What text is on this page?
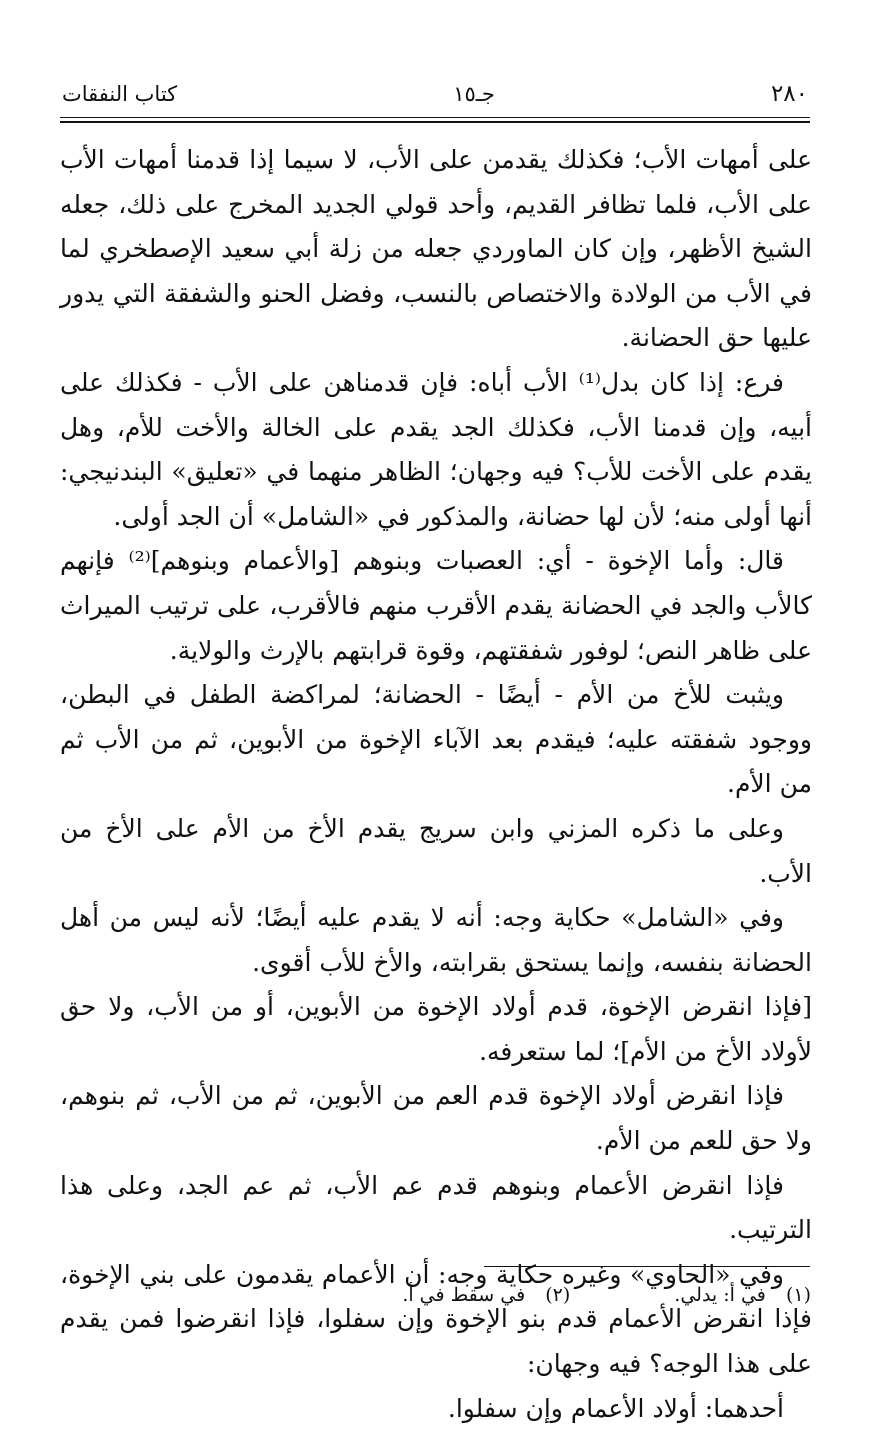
٢٨٠
جـ١٥
كتاب النفقات

على أمهات الأب؛ فكذلك يقدمن على الأب، لا سيما إذا قدمنا أمهات الأب على الأب، فلما تظافر القديم، وأحد قولي الجديد المخرج على ذلك، جعله الشيخ الأظهر، وإن كان الماوردي جعله من زلة أبي سعيد الإصطخري لما في الأب من الولادة والاختصاص بالنسب، وفضل الحنو والشفقة التي يدور عليها حق الحضانة.

فرع: إذا كان بدل⁽¹⁾ الأب أباه: فإن قدمناهن على الأب - فكذلك على أبيه، وإن قدمنا الأب، فكذلك الجد يقدم على الخالة والأخت للأم، وهل يقدم على الأخت للأب؟ فيه وجهان؛ الظاهر منهما في «تعليق» البندنيجي: أنها أولى منه؛ لأن لها حضانة، والمذكور في «الشامل» أن الجد أولى.

قال: وأما الإخوة - أي: العصبات وبنوهم [والأعمام وبنوهم]⁽²⁾ فإنهم كالأب والجد في الحضانة يقدم الأقرب منهم فالأقرب، على ترتيب الميراث على ظاهر النص؛ لوفور شفقتهم، وقوة قرابتهم بالإرث والولاية.

ويثبت للأخ من الأم - أيضًا - الحضانة؛ لمراكضة الطفل في البطن، ووجود شفقته عليه؛ فيقدم بعد الآباء الإخوة من الأبوين، ثم من الأب ثم من الأم.

وعلى ما ذكره المزني وابن سريج يقدم الأخ من الأم على الأخ من الأب.

وفي «الشامل» حكاية وجه: أنه لا يقدم عليه أيضًا؛ لأنه ليس من أهل الحضانة بنفسه، وإنما يستحق بقرابته، والأخ للأب أقوى.

[فإذا انقرض الإخوة، قدم أولاد الإخوة من الأبوين، أو من الأب، ولا حق لأولاد الأخ من الأم]؛ لما ستعرفه.

فإذا انقرض أولاد الإخوة قدم العم من الأبوين، ثم من الأب، ثم بنوهم، ولا حق للعم من الأم.

فإذا انقرض الأعمام وبنوهم قدم عم الأب، ثم عم الجد، وعلى هذا الترتيب.

وفي «الحاوي» وغيره حكاية وجه: أن الأعمام يقدمون على بني الإخوة، فإذا انقرض الأعمام قدم بنو الإخوة وإن سفلوا، فإذا انقرضوا فمن يقدم على هذا الوجه؟ فيه وجهان:

أحدهما: أولاد الأعمام وإن سفلوا.

(١) في أ: يدلي.
(٢) في سقط في أ.
